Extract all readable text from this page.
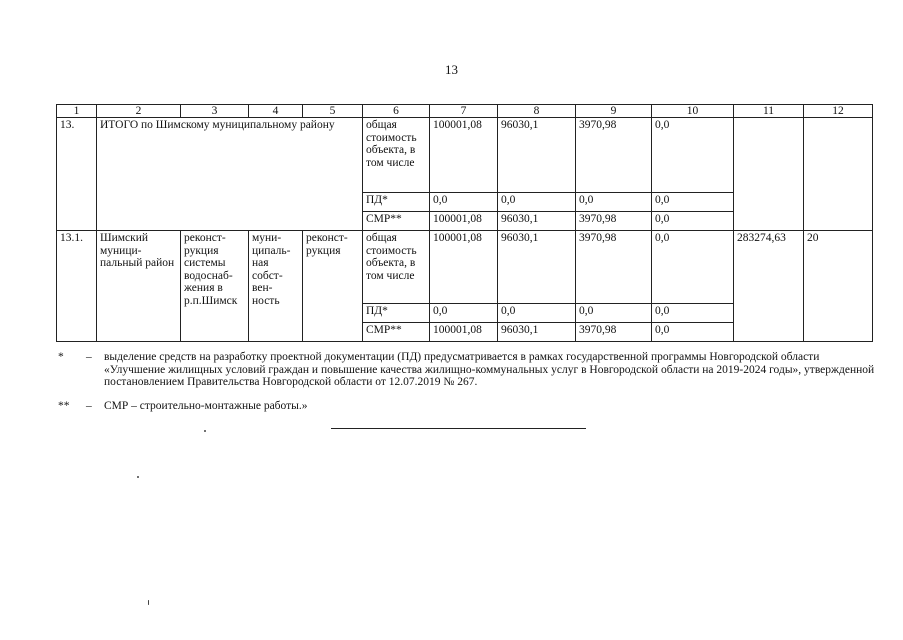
13
1	2	3	4	5	6	7	8	9	10	11	12
13.	ИТОГО по Шимскому муниципальному району				общая стоимость объекта, в том числе	100001,08	96030,1	3970,98	0,0		
					ПД*	0,0	0,0	0,0	0,0		
					СМР**	100001,08	96030,1	3970,98	0,0		
13.1.	Шимский муници-пальный район	реконст-рукция системы водоснаб-жения в р.п.Шимск	муни-ципаль-ная собст-вен-ность	реконст-рукция	общая стоимость объекта, в том числе	100001,08	96030,1	3970,98	0,0	283274,63	20
					ПД*	0,0	0,0	0,0	0,0		
					СМР**	100001,08	96030,1	3970,98	0,0		
* – выделение средств на разработку проектной документации (ПД) предусматривается в рамках государственной программы Новгородской области «Улучшение жилищных условий граждан и повышение качества жилищно-коммунальных услуг в Новгородской области на 2019-2024 годы», утвержденной постановлением Правительства Новгородской области от 12.07.2019 № 267.
** – СМР – строительно-монтажные работы.»
